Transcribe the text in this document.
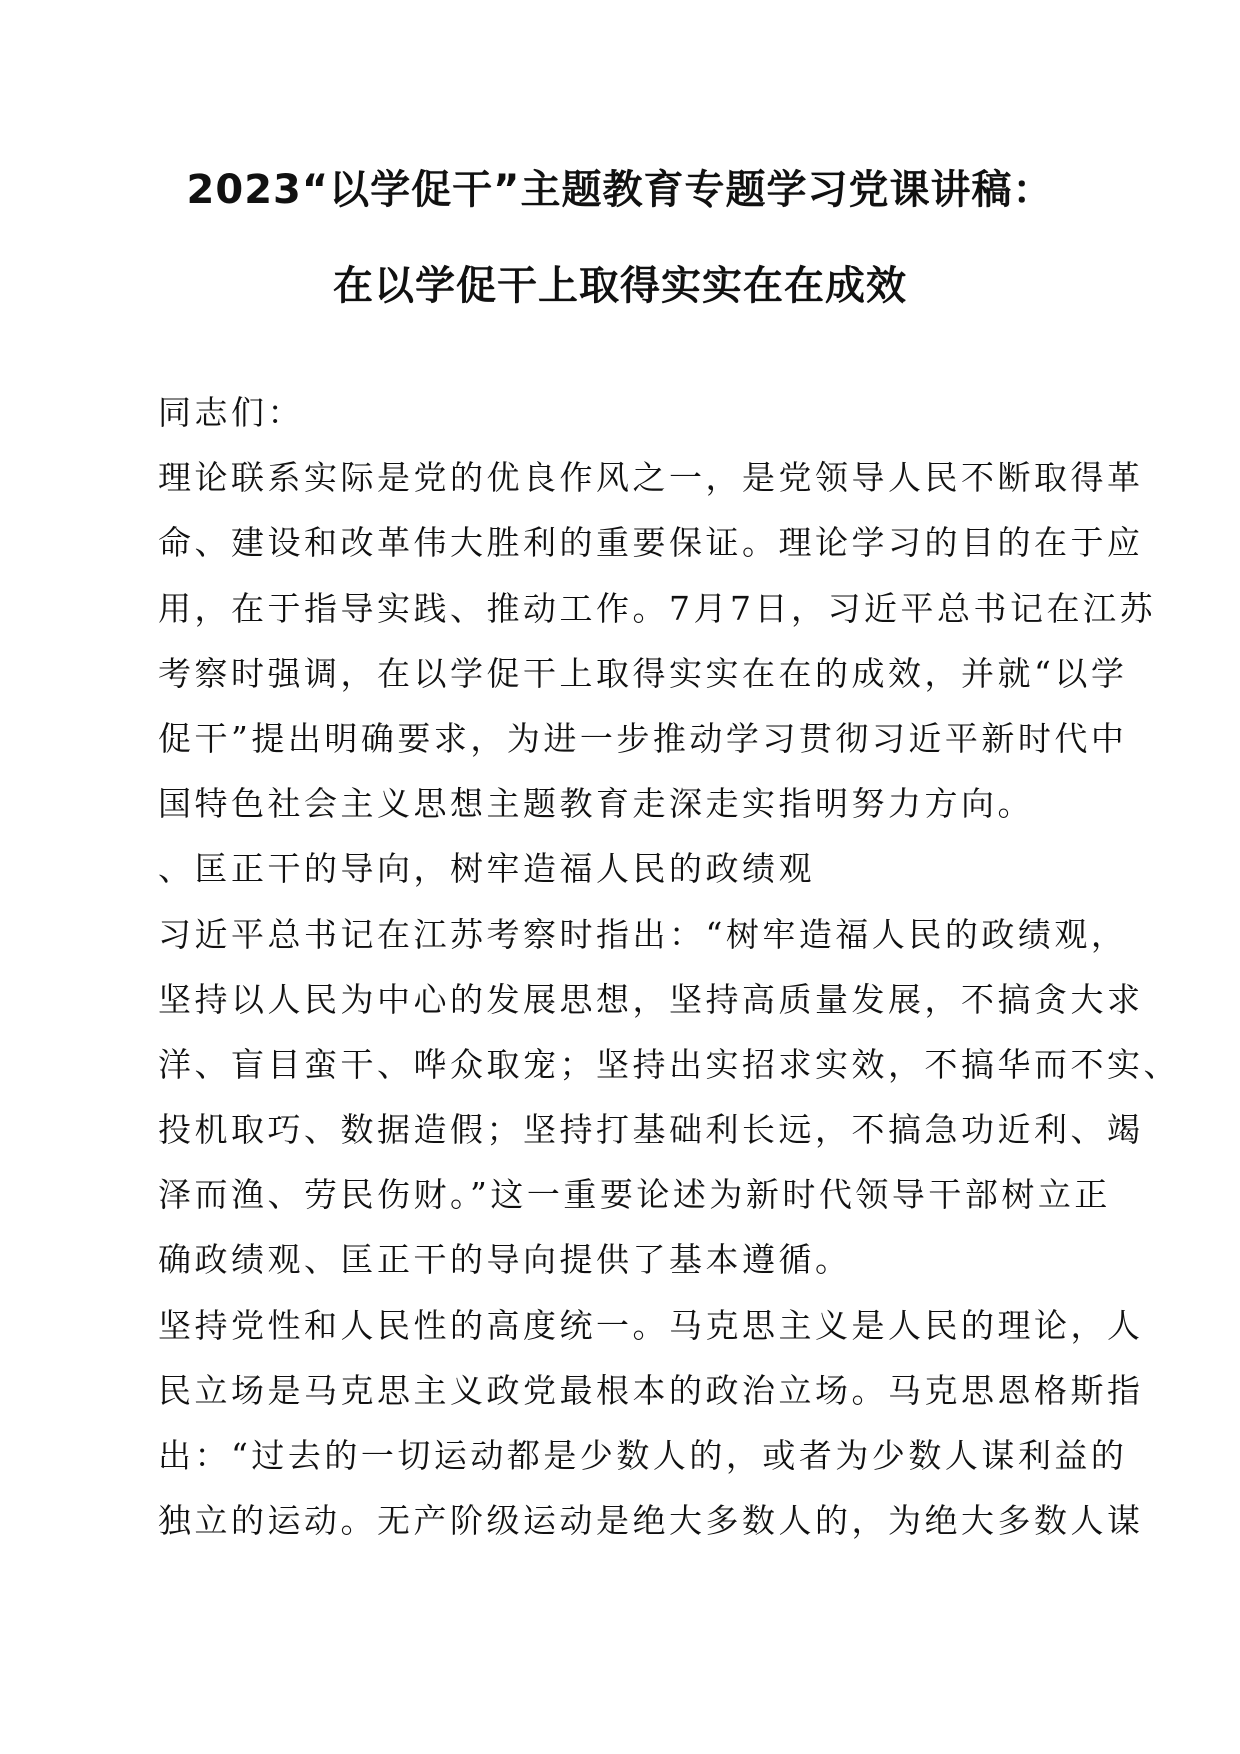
2023“以学促干”主题教育专题学习党课讲稿：
在以学促干上取得实实在在成效
同志们：
理论联系实际是党的优良作风之一，是党领导人民不断取得革
命、建设和改革伟大胜利的重要保证。理论学习的目的在于应
用，在于指导实践、推动工作。7月7日，习近平总书记在江苏
考察时强调，在以学促干上取得实实在在的成效，并就“以学
促干”提出明确要求，为进一步推动学习贯彻习近平新时代中
国特色社会主义思想主题教育走深走实指明努力方向。
、匡正干的导向，树牢造福人民的政绩观
习近平总书记在江苏考察时指出：“树牢造福人民的政绩观，
坚持以人民为中心的发展思想，坚持高质量发展，不搞贪大求
洋、盲目蛮干、哗众取宠；坚持出实招求实效，不搞华而不实、
投机取巧、数据造假；坚持打基础利长远，不搞急功近利、竭
泽而渔、劳民伤财。”这一重要论述为新时代领导干部树立正
确政绩观、匡正干的导向提供了基本遵循。
坚持党性和人民性的高度统一。马克思主义是人民的理论，人
民立场是马克思主义政党最根本的政治立场。马克思恩格斯指
出：“过去的一切运动都是少数人的，或者为少数人谋利益的
独立的运动。无产阶级运动是绝大多数人的，为绝大多数人谋
